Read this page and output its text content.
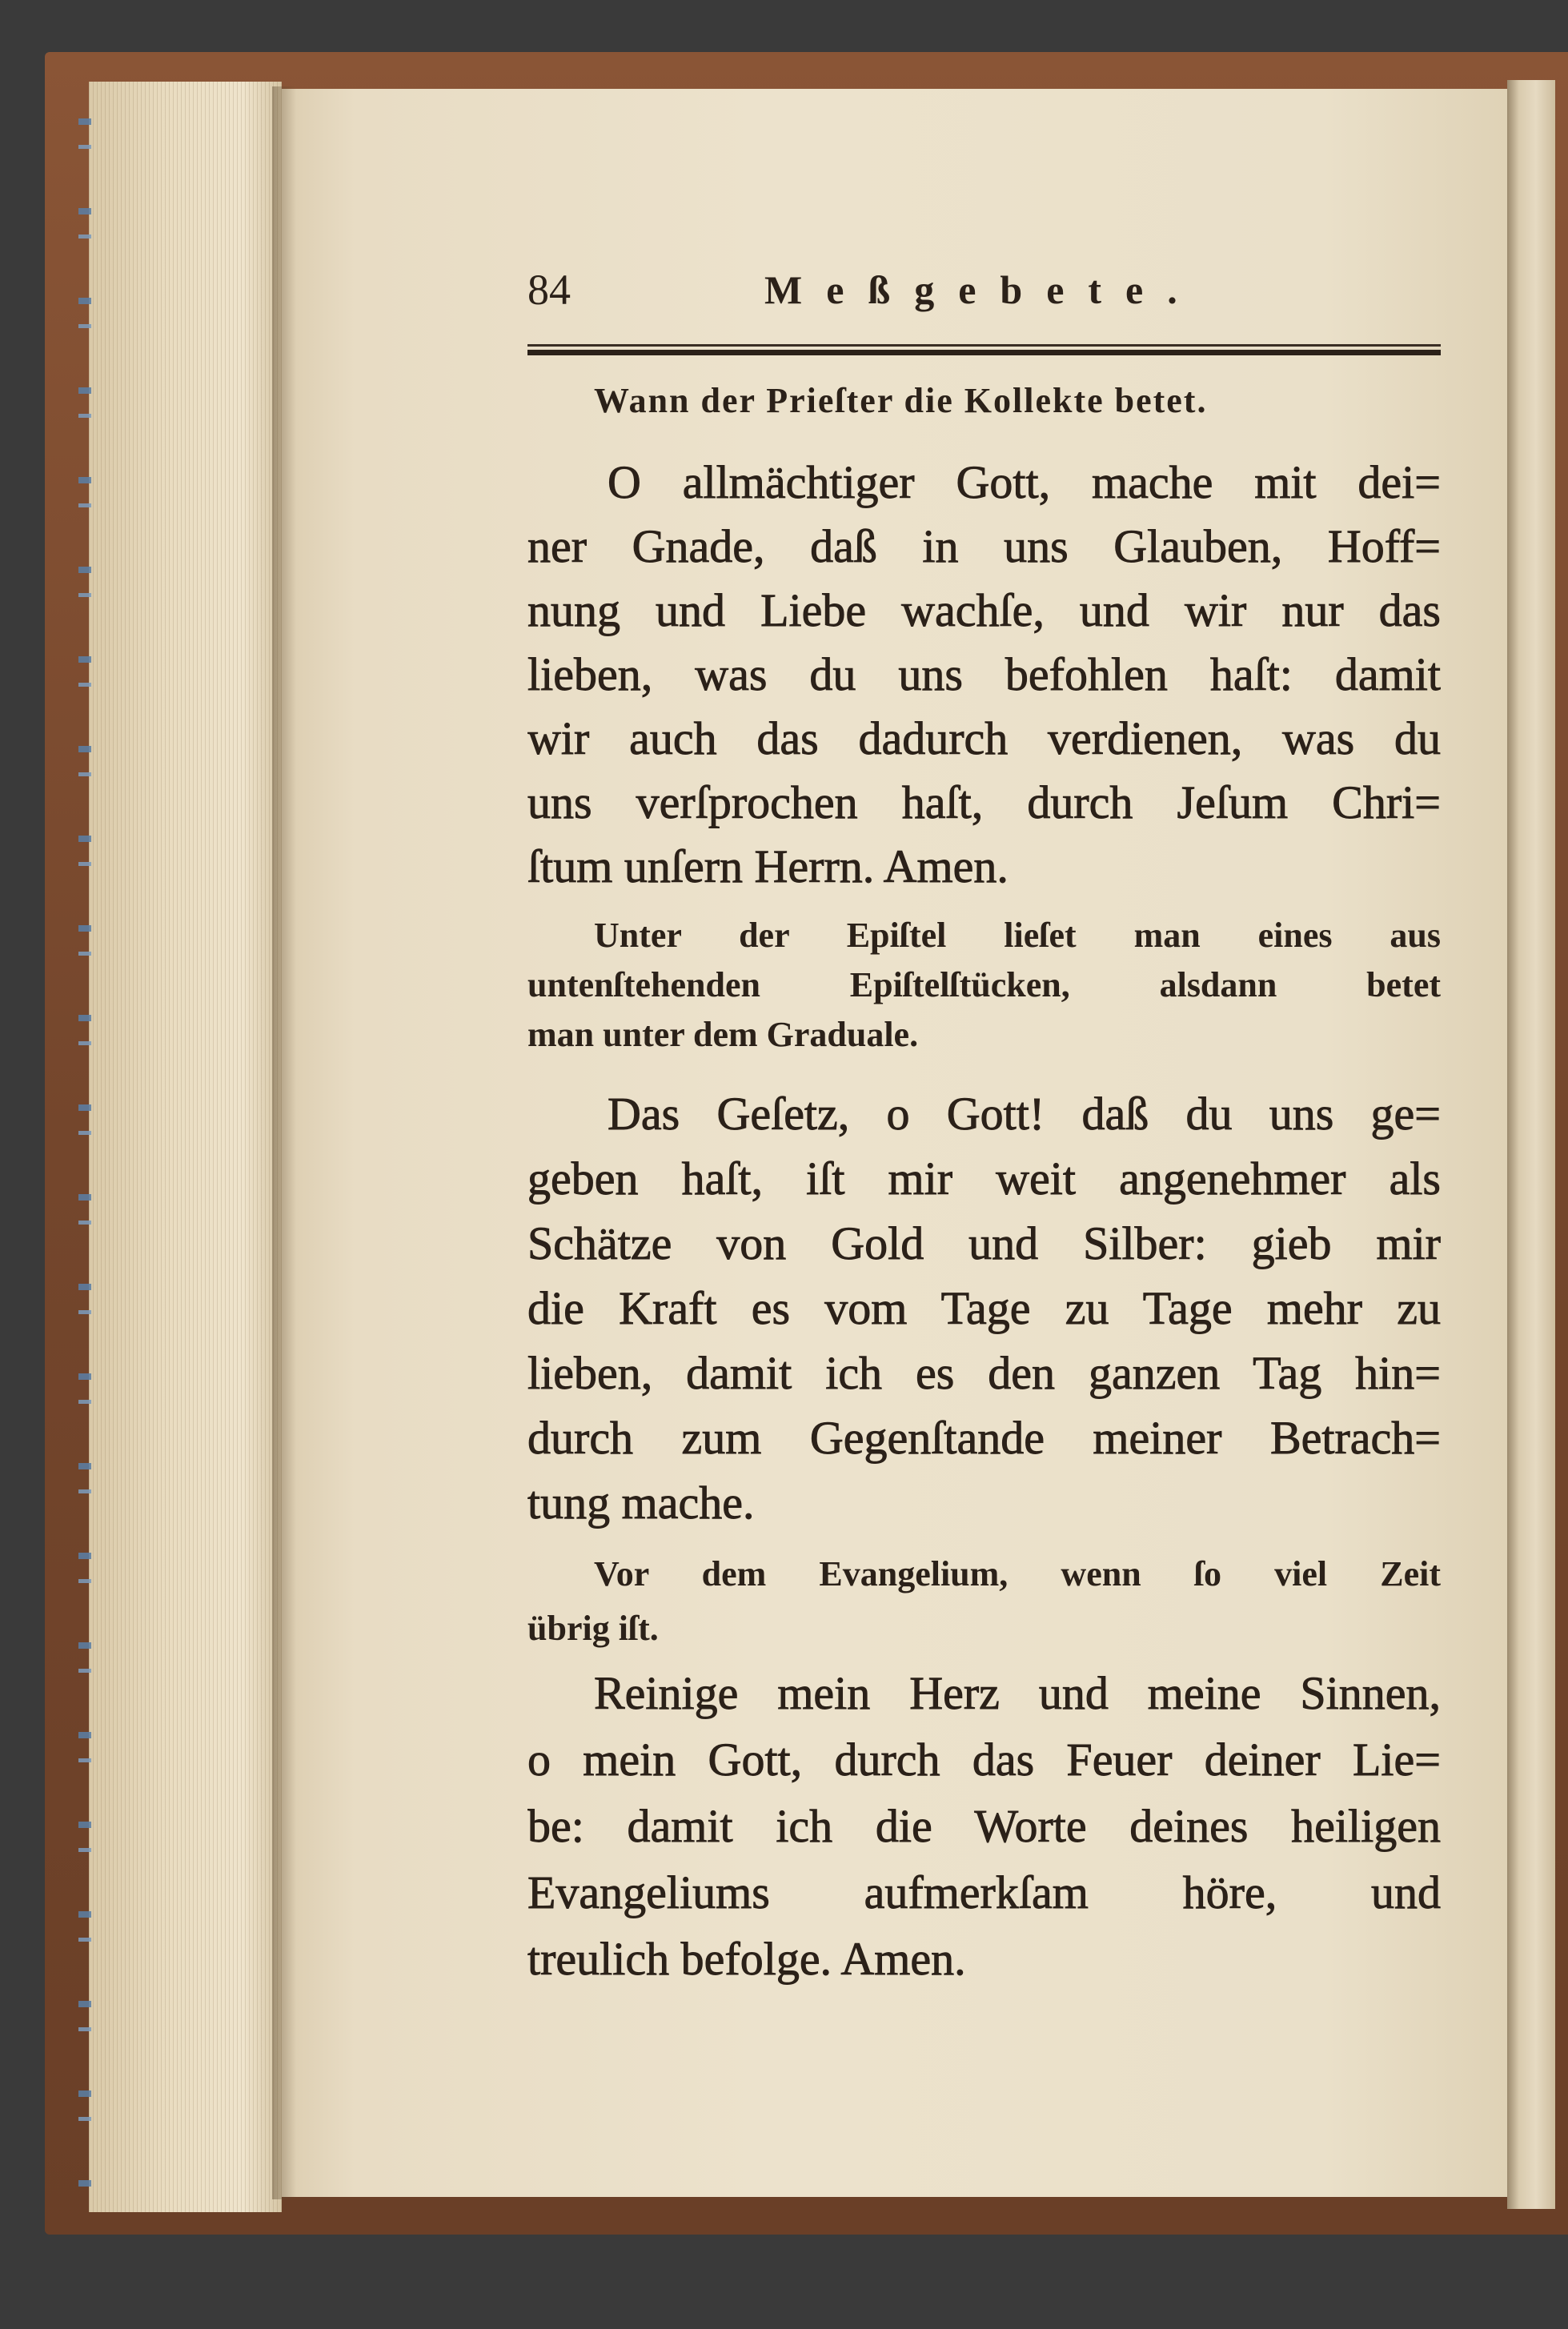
84	Meßgebete.
Wann der Prieſter die Kollekte betet.
O allmächtiger Gott, mache mit dei=
ner Gnade, daß in uns Glauben, Hoff=
nung und Liebe wachſe, und wir nur das
lieben, was du uns befohlen haſt: damit
wir auch das dadurch verdienen, was du
uns verſprochen haſt, durch Jeſum Chri=
ſtum unſern Herrn. Amen.
Unter der Epiſtel lieſet man eines aus
untenſtehenden Epiſtelſtücken, alsdann betet
man unter dem Graduale.
Das Geſetz, o Gott! daß du uns ge=
geben haſt, iſt mir weit angenehmer als
Schätze von Gold und Silber: gieb mir
die Kraft es vom Tage zu Tage mehr zu
lieben, damit ich es den ganzen Tag hin=
durch zum Gegenſtande meiner Betrach=
tung mache.
Vor dem Evangelium, wenn ſo viel Zeit
übrig iſt.
Reinige mein Herz und meine Sinnen,
o mein Gott, durch das Feuer deiner Lie=
be: damit ich die Worte deines heiligen
Evangeliums aufmerkſam höre, und
treulich befolge. Amen.
